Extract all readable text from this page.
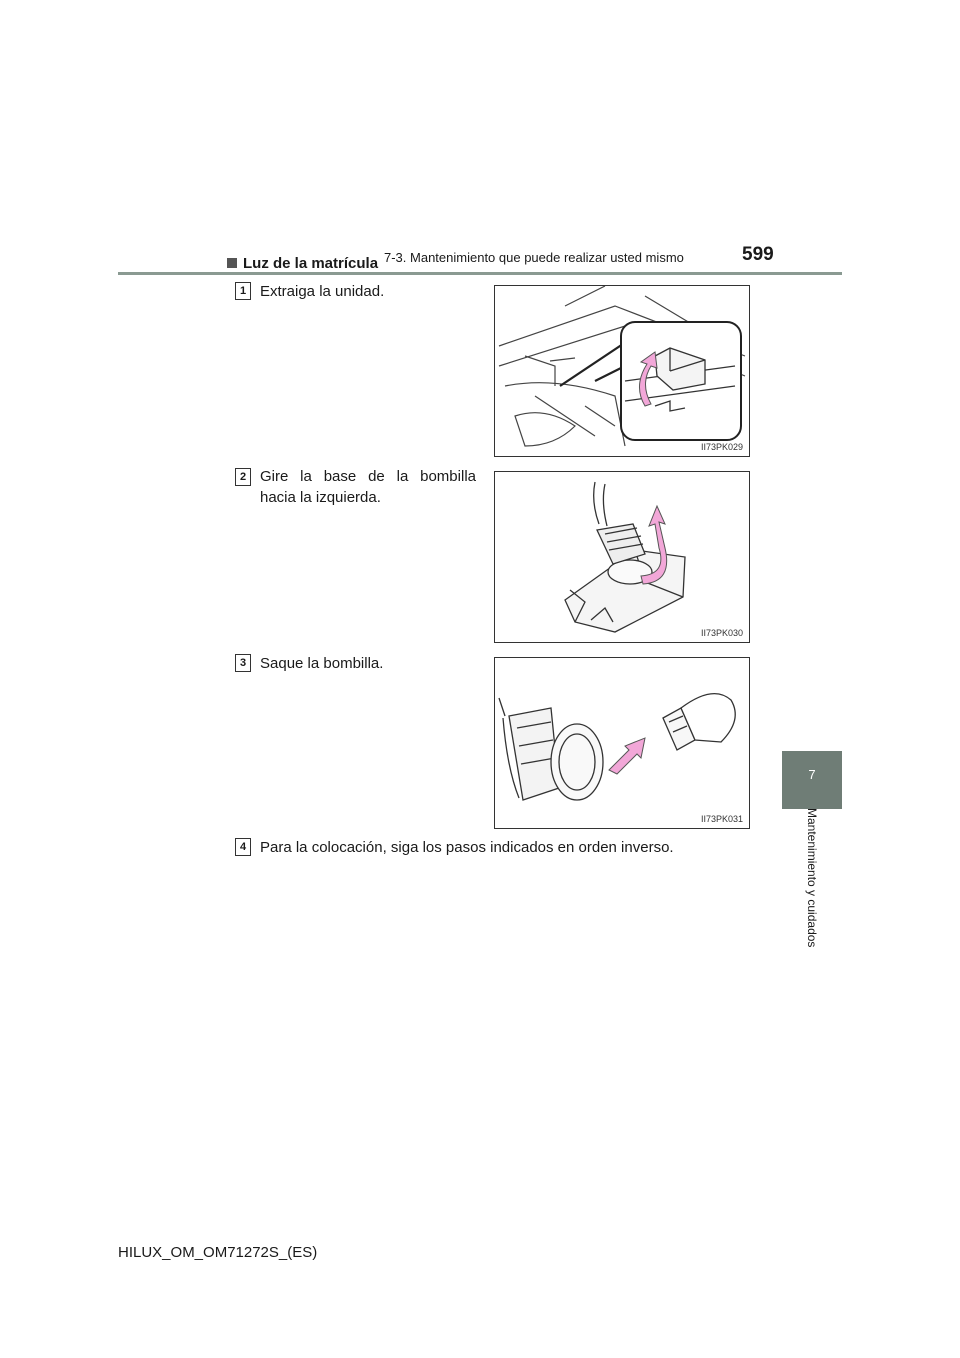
7-3. Mantenimiento que puede realizar usted mismo	599
7
Mantenimiento y cuidados
Luz de la matrícula
1 Extraiga la unidad.
II73PK029
2 Gire la base de la bombilla hacia la izquierda.
II73PK030
3 Saque la bombilla.
II73PK031
4 Para la colocación, siga los pasos indicados en orden inverso.
HILUX_OM_OM71272S_(ES)
